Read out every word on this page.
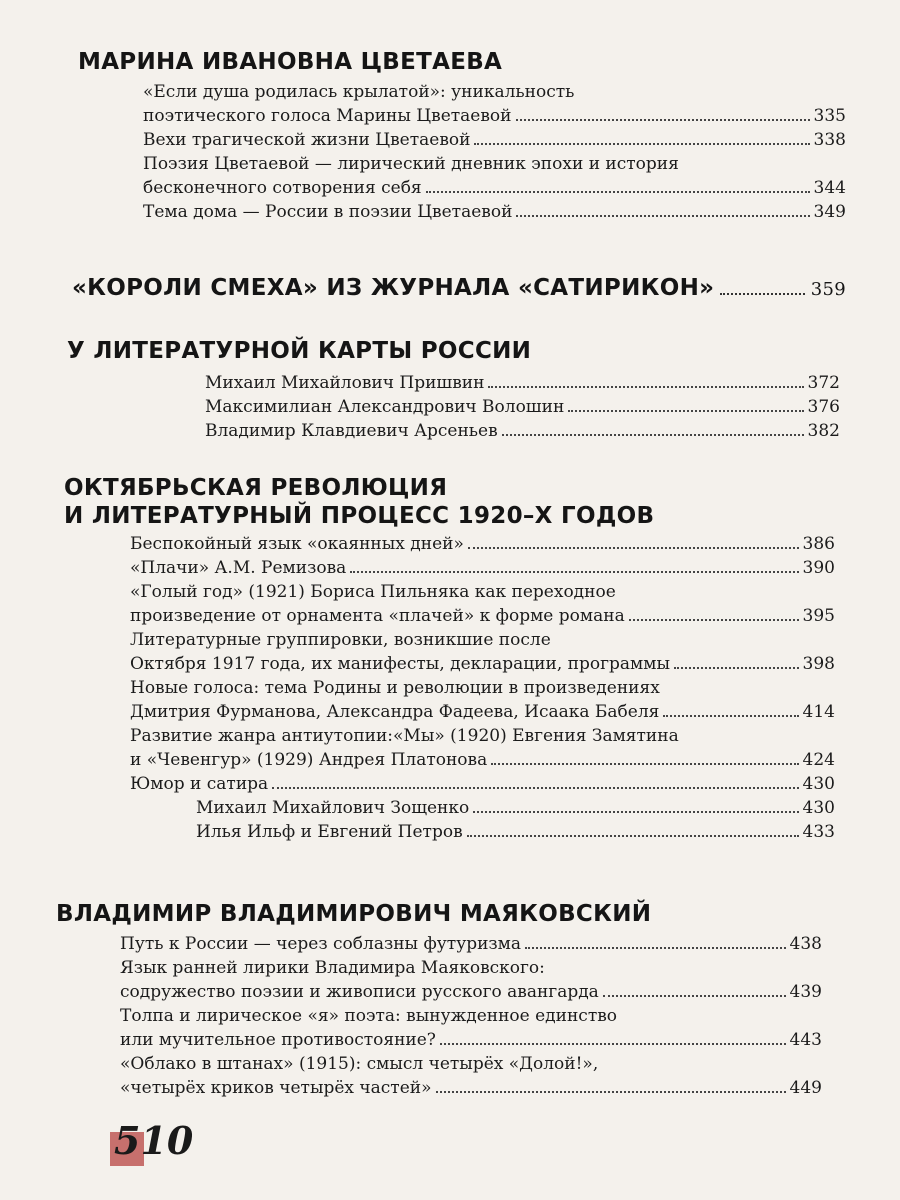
МАРИНА ИВАНОВНА ЦВЕТАЕВА
«Если душа родилась крылатой»: уникальность
поэтического голоса Марины Цветаевой	335
Вехи трагической жизни Цветаевой	338
Поэзия Цветаевой — лирический дневник эпохи и история
бесконечного сотворения себя	344
Тема дома — России в поэзии Цветаевой	349
«КОРОЛИ СМЕХА» ИЗ ЖУРНАЛА «САТИРИКОН»	359
У ЛИТЕРАТУРНОЙ КАРТЫ РОССИИ
Михаил Михайлович Пришвин	372
Максимилиан Александрович Волошин	376
Владимир Клавдиевич Арсеньев	382
ОКТЯБРЬСКАЯ РЕВОЛЮЦИЯ
И ЛИТЕРАТУРНЫЙ ПРОЦЕСС 1920–Х ГОДОВ
Беспокойный язык «окаянных дней»	386
«Плачи» А.М. Ремизова	390
«Голый год» (1921) Бориса Пильняка как переходное
произведение от орнамента «плачей» к форме романа	395
Литературные группировки, возникшие после
Октября 1917 года, их манифесты, декларации, программы	398
Новые голоса: тема Родины и революции в произведениях
Дмитрия Фурманова, Александра Фадеева, Исаака Бабеля	414
Развитие жанра антиутопии:«Мы» (1920) Евгения Замятина
и «Чевенгур» (1929) Андрея Платонова	424
Юмор и сатира	430
Михаил Михайлович Зощенко	430
Илья Ильф и Евгений Петров	433
ВЛАДИМИР ВЛАДИМИРОВИЧ МАЯКОВСКИЙ
Путь к России — через соблазны футуризма	438
Язык ранней лирики Владимира Маяковского:
содружество поэзии и живописи русского авангарда	439
Толпа и лирическое «я» поэта: вынужденное единство
или мучительное противостояние?	443
«Облако в штанах» (1915): смысл четырёх «Долой!»,
«четырёх криков четырёх частей»	449
510
